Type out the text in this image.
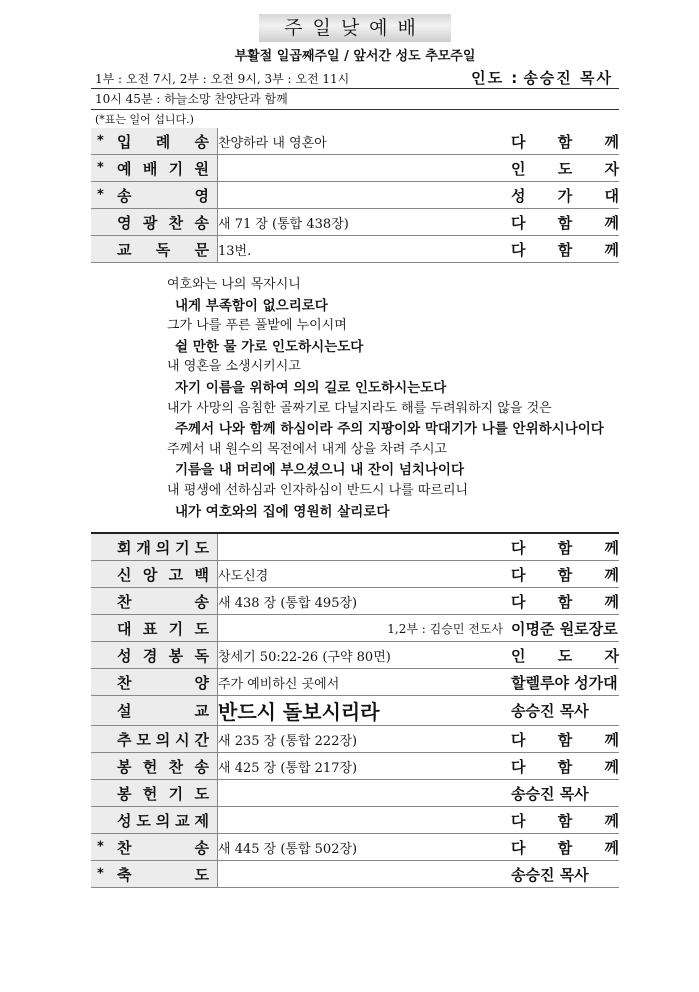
주일낮예배
부활절 일곱째주일 / 앞서간 성도 추모주일
1부 : 오전 7시, 2부 : 오전 9시, 3부 : 오전 11시	인도 : 송승진 목사
10시 45분 : 하늘소망 찬양단과 함께
(*표는 일어 섭니다.)
* 입 례 송	찬양하라 내 영혼아	다 함 께

* 예 배 기 원		인 도 자

* 송 영		성 가 대

영 광 찬 송	새 71 장 (통합 438장)	다 함 께

교 독 문	13번.	다 함 께
여호와는 나의 목자시니
내게 부족함이 없으리로다
그가 나를 푸른 풀밭에 누이시며
쉴 만한 물 가로 인도하시는도다
내 영혼을 소생시키시고
자기 이름을 위하여 의의 길로 인도하시는도다
내가 사망의 음침한 골짜기로 다닐지라도 해를 두려워하지 않을 것은
주께서 나와 함께 하심이라 주의 지팡이와 막대기가 나를 안위하시나이다
주께서 내 원수의 목전에서 내게 상을 차려 주시고
기름을 내 머리에 부으셨으니 내 잔이 넘치나이다
내 평생에 선하심과 인자하심이 반드시 나를 따르리니
내가 여호와의 집에 영원히 살리로다
회 개 의 기 도		다 함 께

신 앙 고 백	사도신경	다 함 께

찬 송	새 438 장 (통합 495장)	다 함 께

대 표 기 도	1,2부 : 김승민 전도사	이명준 원로장로

성 경 봉 독	창세기 50:22-26 (구약 80면)	인 도 자

찬 양	주가 예비하신 곳에서	할렐루야 성가대

설 교	반드시 돌보시리라	송승진 목사

추 모 의 시 간	새 235 장 (통합 222장)	다 함 께

봉 헌 찬 송	새 425 장 (통합 217장)	다 함 께

봉 헌 기 도		송승진 목사

성 도 의 교 제		다 함 께

* 찬 송	새 445 장 (통합 502장)	다 함 께

* 축 도		송승진 목사
